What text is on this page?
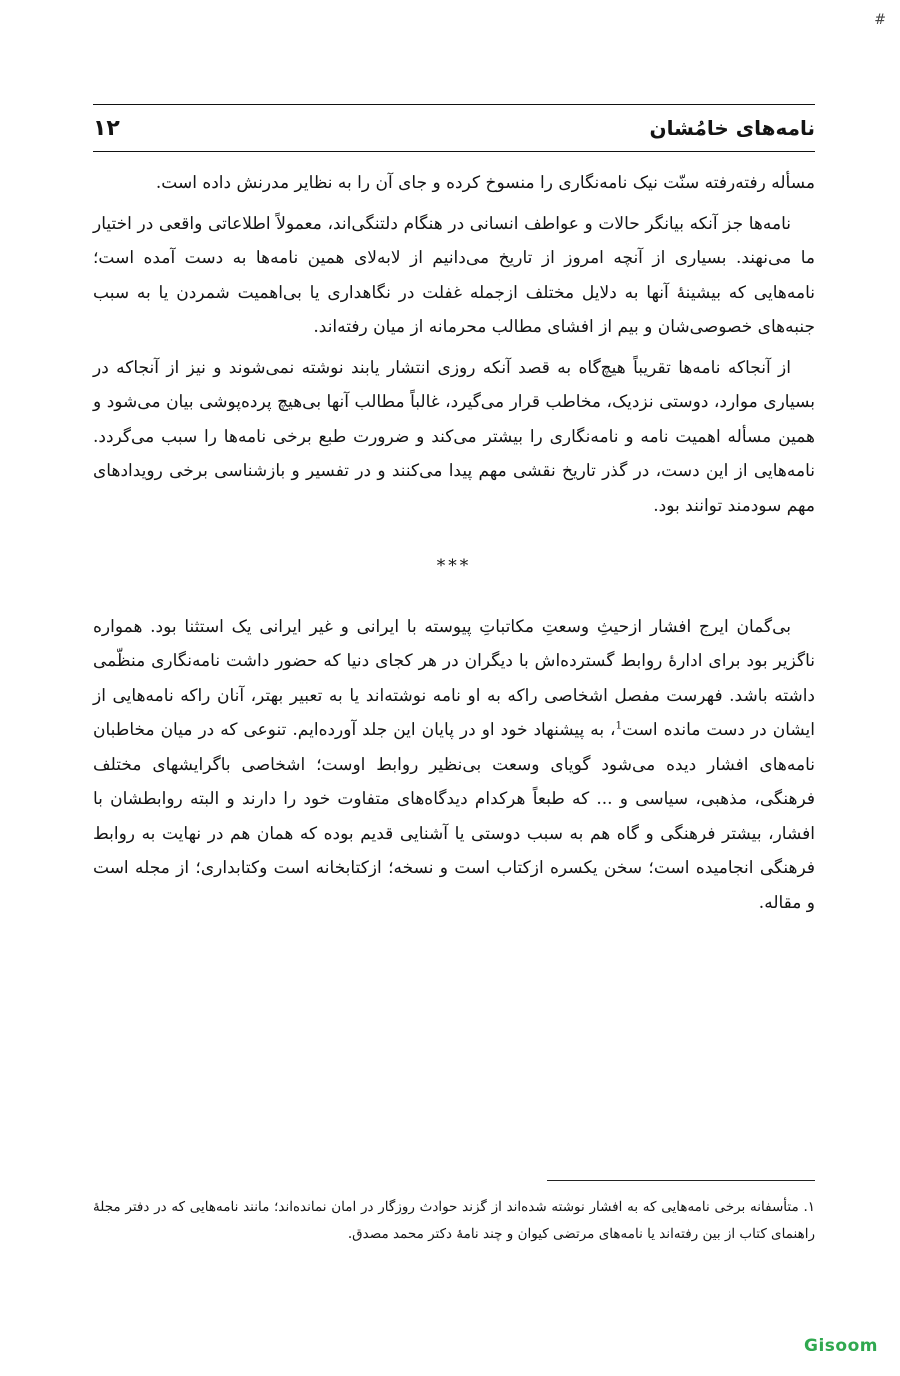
#
۱۲	نامه‌های خامُشان

مسأله رفته‌رفته سنّت نیک نامه‌نگاری را منسوخ کرده و جای آن را به نظایر مدرنش داده است.

نامه‌ها جز آنکه بیانگر حالات و عواطف انسانی در هنگام دلتنگی‌اند، معمولاً اطلاعاتی واقعی در اختیار ما می‌نهند. بسیاری از آنچه امروز از تاریخ می‌دانیم از لابه‌لای همین نامه‌ها به دست آمده است؛ نامه‌هایی که بیشینهٔ آنها به دلایل مختلف ازجمله غفلت در نگاهداری یا بی‌اهمیت شمردن یا به سبب جنبه‌های خصوصی‌شان و بیم از افشای مطالب محرمانه از میان رفته‌اند.

از آنجاکه نامه‌ها تقریباً هیچ‌گاه به قصد آنکه روزی انتشار یابند نوشته نمی‌شوند و نیز از آنجاکه در بسیاری موارد، دوستی نزدیک، مخاطب قرار می‌گیرد، غالباً مطالب آنها بی‌هیچ پرده‌پوشی بیان می‌شود و همین مسأله اهمیت نامه و نامه‌نگاری را بیشتر می‌کند و ضرورت طبع برخی نامه‌ها را سبب می‌گردد. نامه‌هایی از این دست، در گذر تاریخ نقشی مهم پیدا می‌کنند و در تفسیر و بازشناسی برخی رویدادهای مهم سودمند توانند بود.

***

بی‌گمان ایرج افشار ازحیثِ وسعتِ مکاتباتِ پیوسته با ایرانی و غیر ایرانی یک استثنا بود. همواره ناگزیر بود برای ادارهٔ روابط گسترده‌اش با دیگران در هر کجای دنیا که حضور داشت نامه‌نگاری منظّمی داشته باشد. فهرست مفصل اشخاصی راکه به او نامه نوشته‌اند یا به تعبیر بهتر، آنان راکه نامه‌هایی از ایشان در دست مانده است$^1$، به پیشنهاد خود او در پایان این جلد آورده‌ایم. تنوعی که در میان مخاطبان نامه‌های افشار دیده می‌شود گویای وسعت بی‌نظیر روابط اوست؛ اشخاصی باگرایشهای مختلف فرهنگی، مذهبی، سیاسی و ... که طبعاً هرکدام دیدگاه‌های متفاوت خود را دارند و البته روابطشان با افشار، بیشتر فرهنگی و گاه هم به سبب دوستی یا آشنایی قدیم بوده که همان هم در نهایت به روابط فرهنگی انجامیده است؛ سخن یکسره ازکتاب است و نسخه؛ ازکتابخانه است وکتابداری؛ از مجله است و مقاله.

۱. متأسفانه برخی نامه‌هایی که به افشار نوشته شده‌اند از گزند حوادث روزگار در امان نمانده‌اند؛ مانند نامه‌هایی که در دفتر مجلهٔ راهنمای کتاب از بین رفته‌اند یا نامه‌های مرتضی کیوان و چند نامهٔ دکتر محمد مصدق.

Gisoom
